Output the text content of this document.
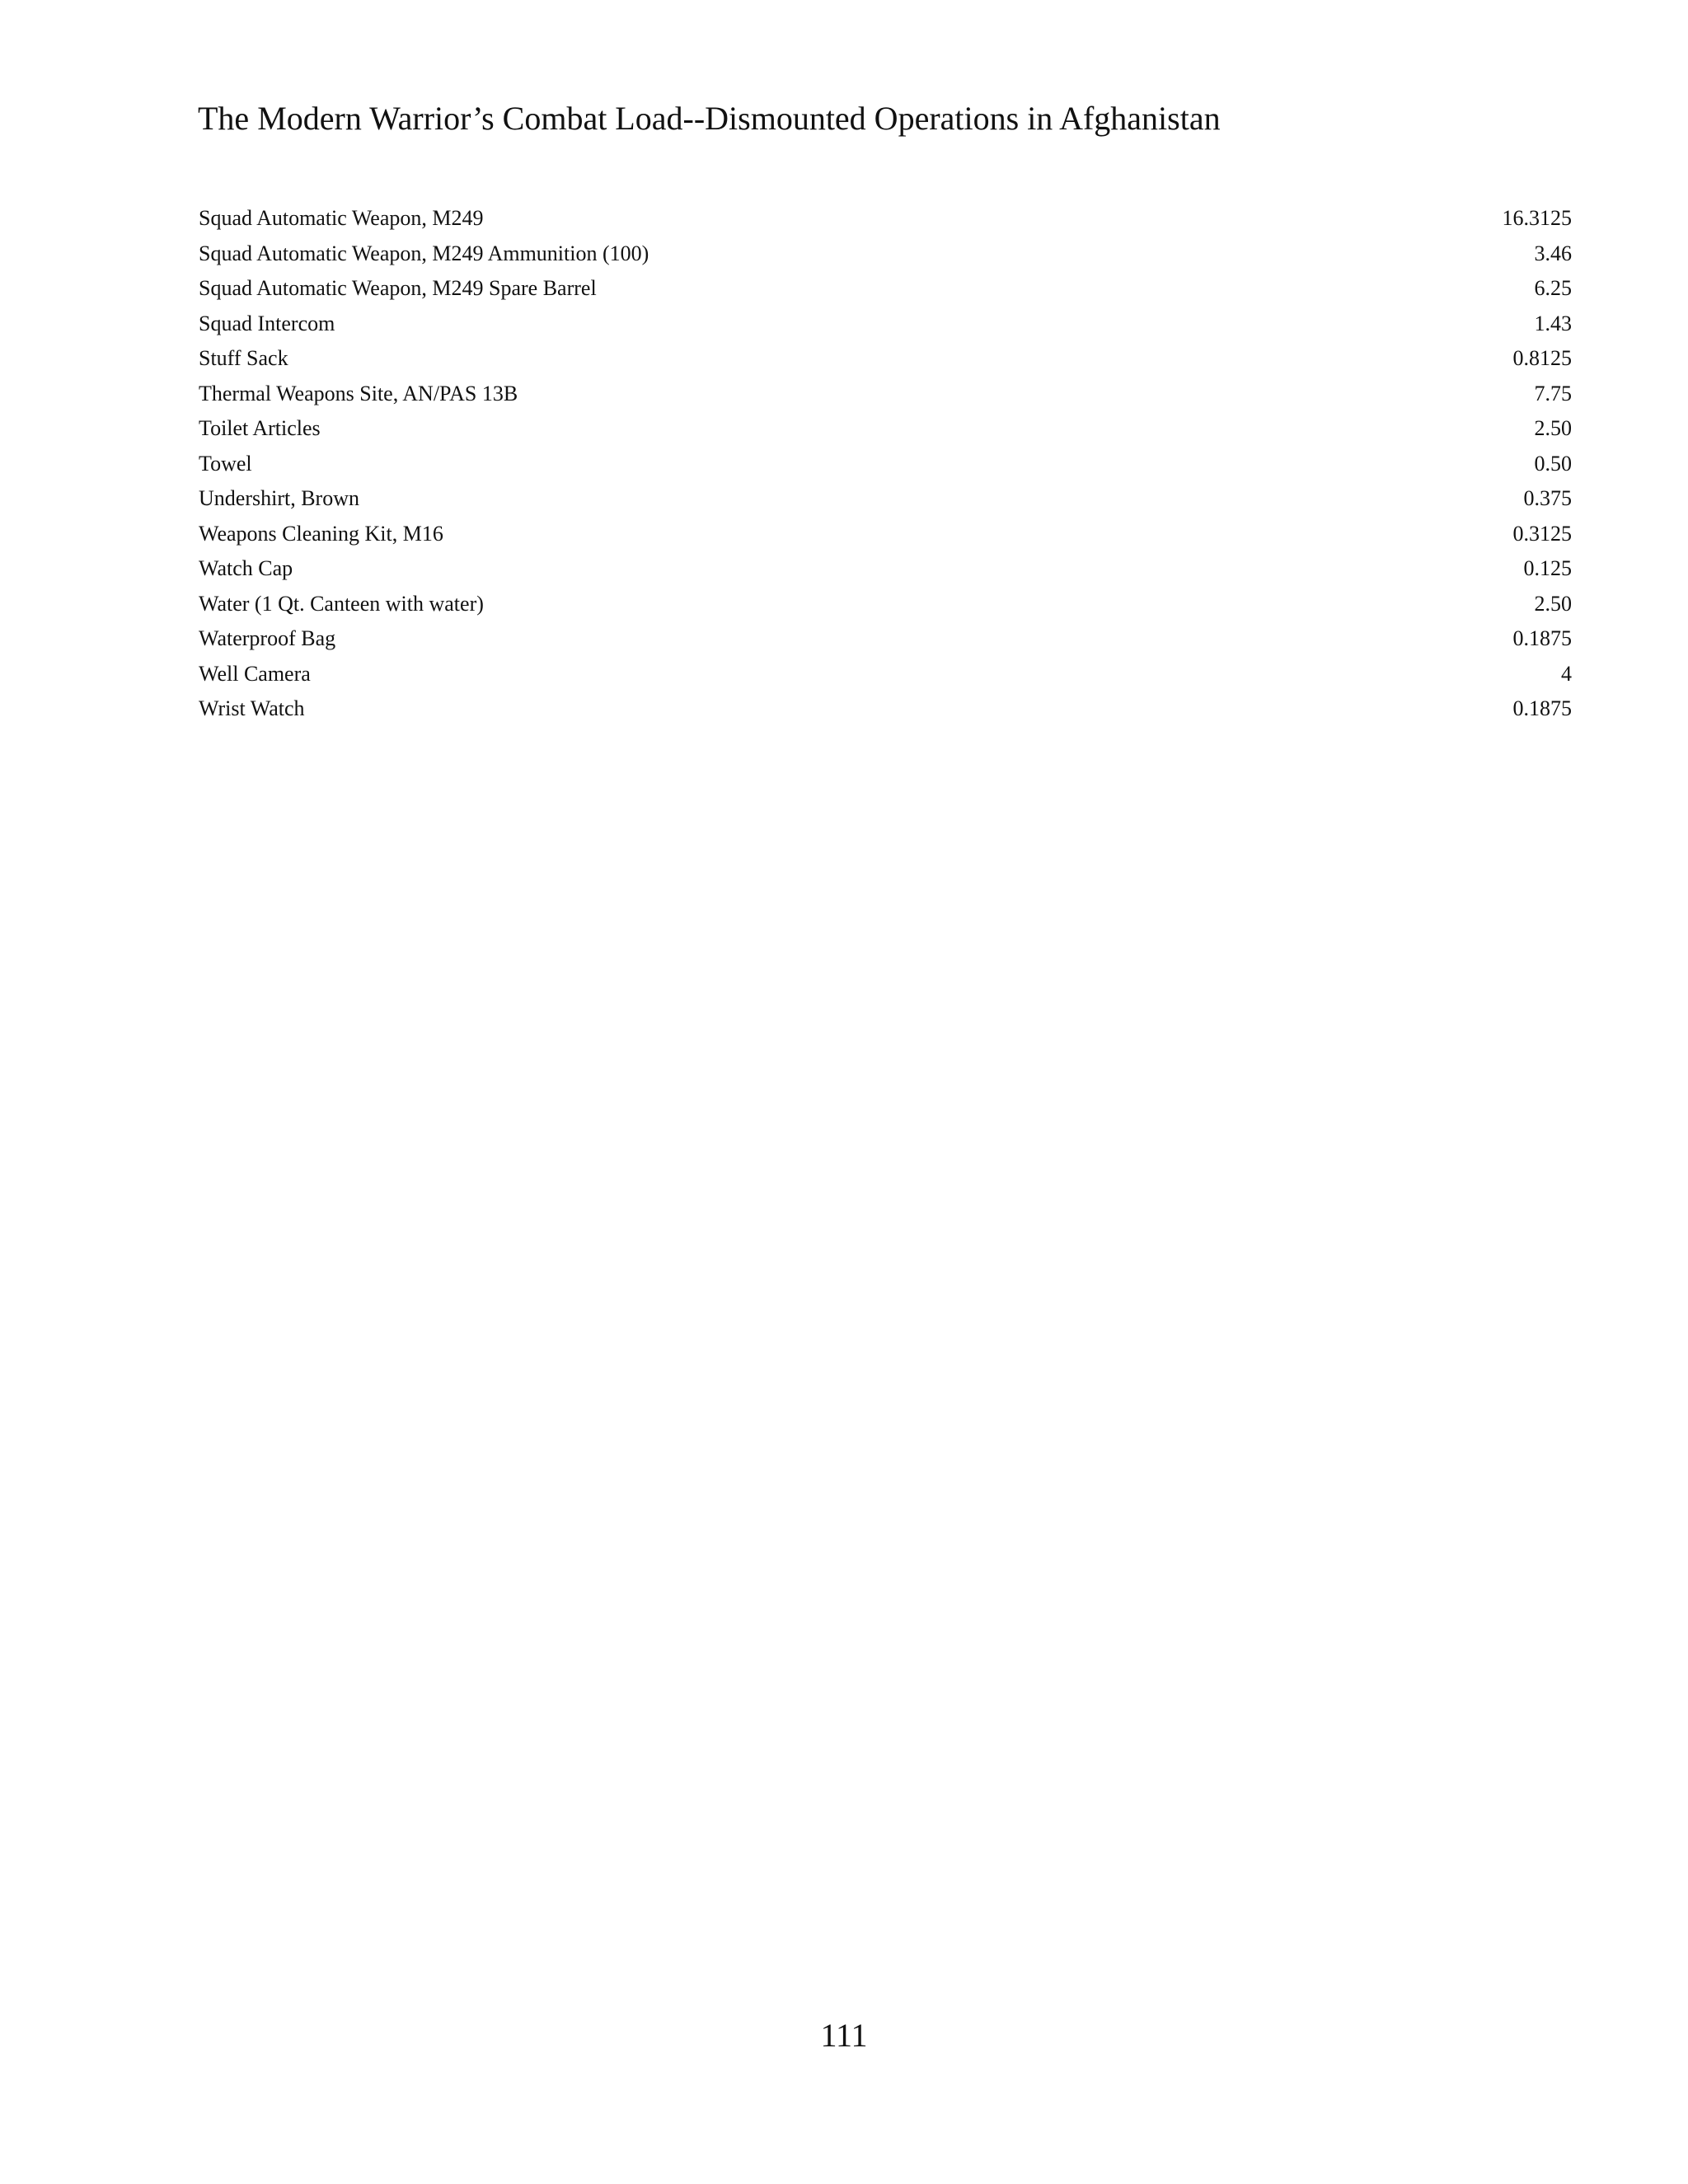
The Modern Warrior’s Combat Load--Dismounted Operations in Afghanistan
Squad Automatic Weapon, M249	16.3125
Squad Automatic Weapon, M249 Ammunition (100)	3.46
Squad Automatic Weapon, M249 Spare Barrel	6.25
Squad Intercom	1.43
Stuff Sack	0.8125
Thermal Weapons Site, AN/PAS 13B	7.75
Toilet Articles	2.50
Towel	0.50
Undershirt, Brown	0.375
Weapons Cleaning Kit, M16	0.3125
Watch Cap	0.125
Water (1 Qt. Canteen with water)	2.50
Waterproof Bag	0.1875
Well Camera	4
Wrist Watch	0.1875
111
